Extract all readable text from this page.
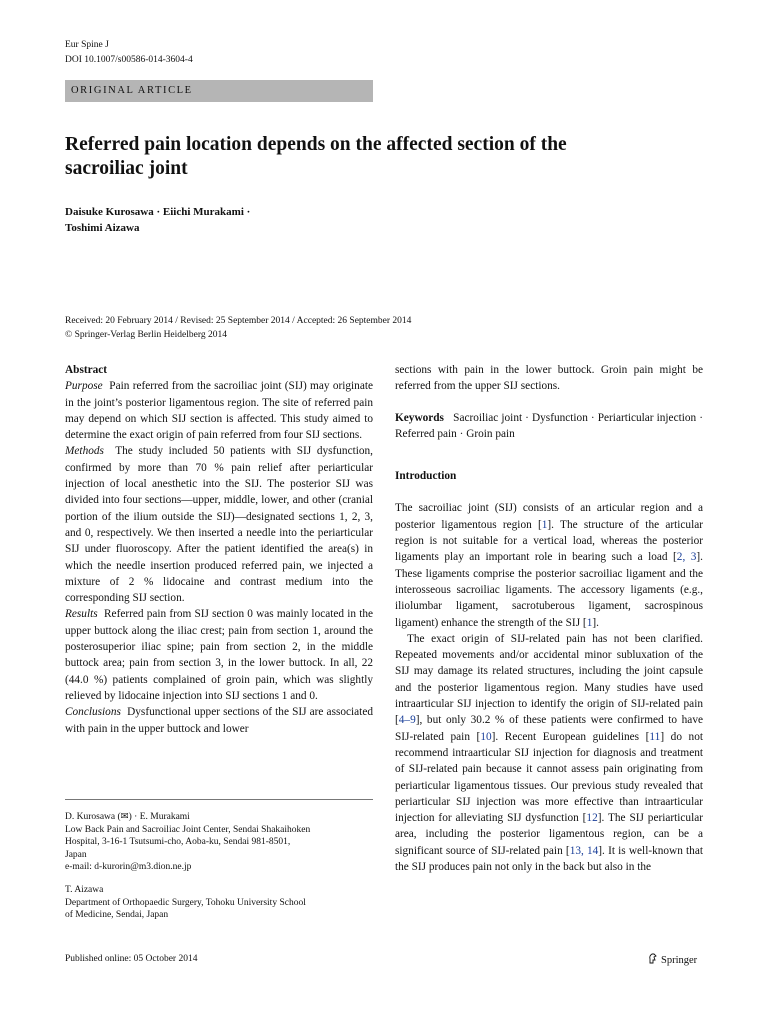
Eur Spine J
DOI 10.1007/s00586-014-3604-4
ORIGINAL ARTICLE
Referred pain location depends on the affected section of the sacroiliac joint
Daisuke Kurosawa · Eiichi Murakami ·
Toshimi Aizawa
Received: 20 February 2014 / Revised: 25 September 2014 / Accepted: 26 September 2014
© Springer-Verlag Berlin Heidelberg 2014

Abstract

Purpose Pain referred from the sacroiliac joint (SIJ) may originate in the joint’s posterior ligamentous region. The site of referred pain may depend on which SIJ section is affected. This study aimed to determine the exact origin of pain referred from four SIJ sections.

Methods The study included 50 patients with SIJ dysfunction, confirmed by more than 70 % pain relief after periarticular injection of local anesthetic into the SIJ. The posterior SIJ was divided into four sections—upper, middle, lower, and other (cranial portion of the ilium outside the SIJ)—designated sections 1, 2, 3, and 0, respectively. We then inserted a needle into the periarticular SIJ under fluoroscopy. After the patient identified the area(s) in which the needle insertion produced referred pain, we injected a mixture of 2 % lidocaine and contrast medium into the corresponding SIJ section.

Results Referred pain from SIJ section 0 was mainly located in the upper buttock along the iliac crest; pain from section 1, around the posterosuperior iliac spine; pain from section 2, in the middle buttock area; pain from section 3, in the lower buttock. In all, 22 (44.0 %) patients complained of groin pain, which was slightly relieved by lidocaine injection into SIJ sections 1 and 0.

Conclusions Dysfunctional upper sections of the SIJ are associated with pain in the upper buttock and lower

D. Kurosawa (✉) · E. Murakami

Low Back Pain and Sacroiliac Joint Center, Sendai Shakaihoken

Hospital, 3-16-1 Tsutsumi-cho, Aoba-ku, Sendai 981-8501,

Japan

e-mail: d-kurorin@m3.dion.ne.jp

T. Aizawa

Department of Orthopaedic Surgery, Tohoku University School

of Medicine, Sendai, Japan

sections with pain in the lower buttock. Groin pain might be referred from the upper SIJ sections.

Keywords Sacroiliac joint · Dysfunction · Periarticular injection · Referred pain · Groin pain

Introduction

The sacroiliac joint (SIJ) consists of an articular region and a posterior ligamentous region [1]. The structure of the articular region is not suitable for a vertical load, whereas the posterior ligaments play an important role in bearing such a load [2, 3]. These ligaments comprise the posterior sacroiliac ligament and the interosseous sacroiliac ligaments. The accessory ligaments (e.g., iliolumbar ligament, sacrotuberous ligament, sacrospinous ligament) enhance the strength of the SIJ [1].

The exact origin of SIJ-related pain has not been clarified. Repeated movements and/or accidental minor subluxation of the SIJ may damage its related structures, including the joint capsule and the posterior ligamentous region. Many studies have used intraarticular SIJ injection to identify the origin of SIJ-related pain [4–9], but only 30.2 % of these patients were confirmed to have SIJ-related pain [10]. Recent European guidelines [11] do not recommend intraarticular SIJ injection for diagnosis and treatment of SIJ-related pain because it cannot assess pain originating from periarticular ligamentous tissues. Our previous study revealed that periarticular SIJ injection was more effective than intraarticular injection for alleviating SIJ dysfunction [12]. The SIJ periarticular area, including the posterior ligamentous region, can be a significant source of SIJ-related pain [13, 14]. It is well-known that the SIJ produces pain not only in the back but also in the

Published online: 05 October 2014	Springer
